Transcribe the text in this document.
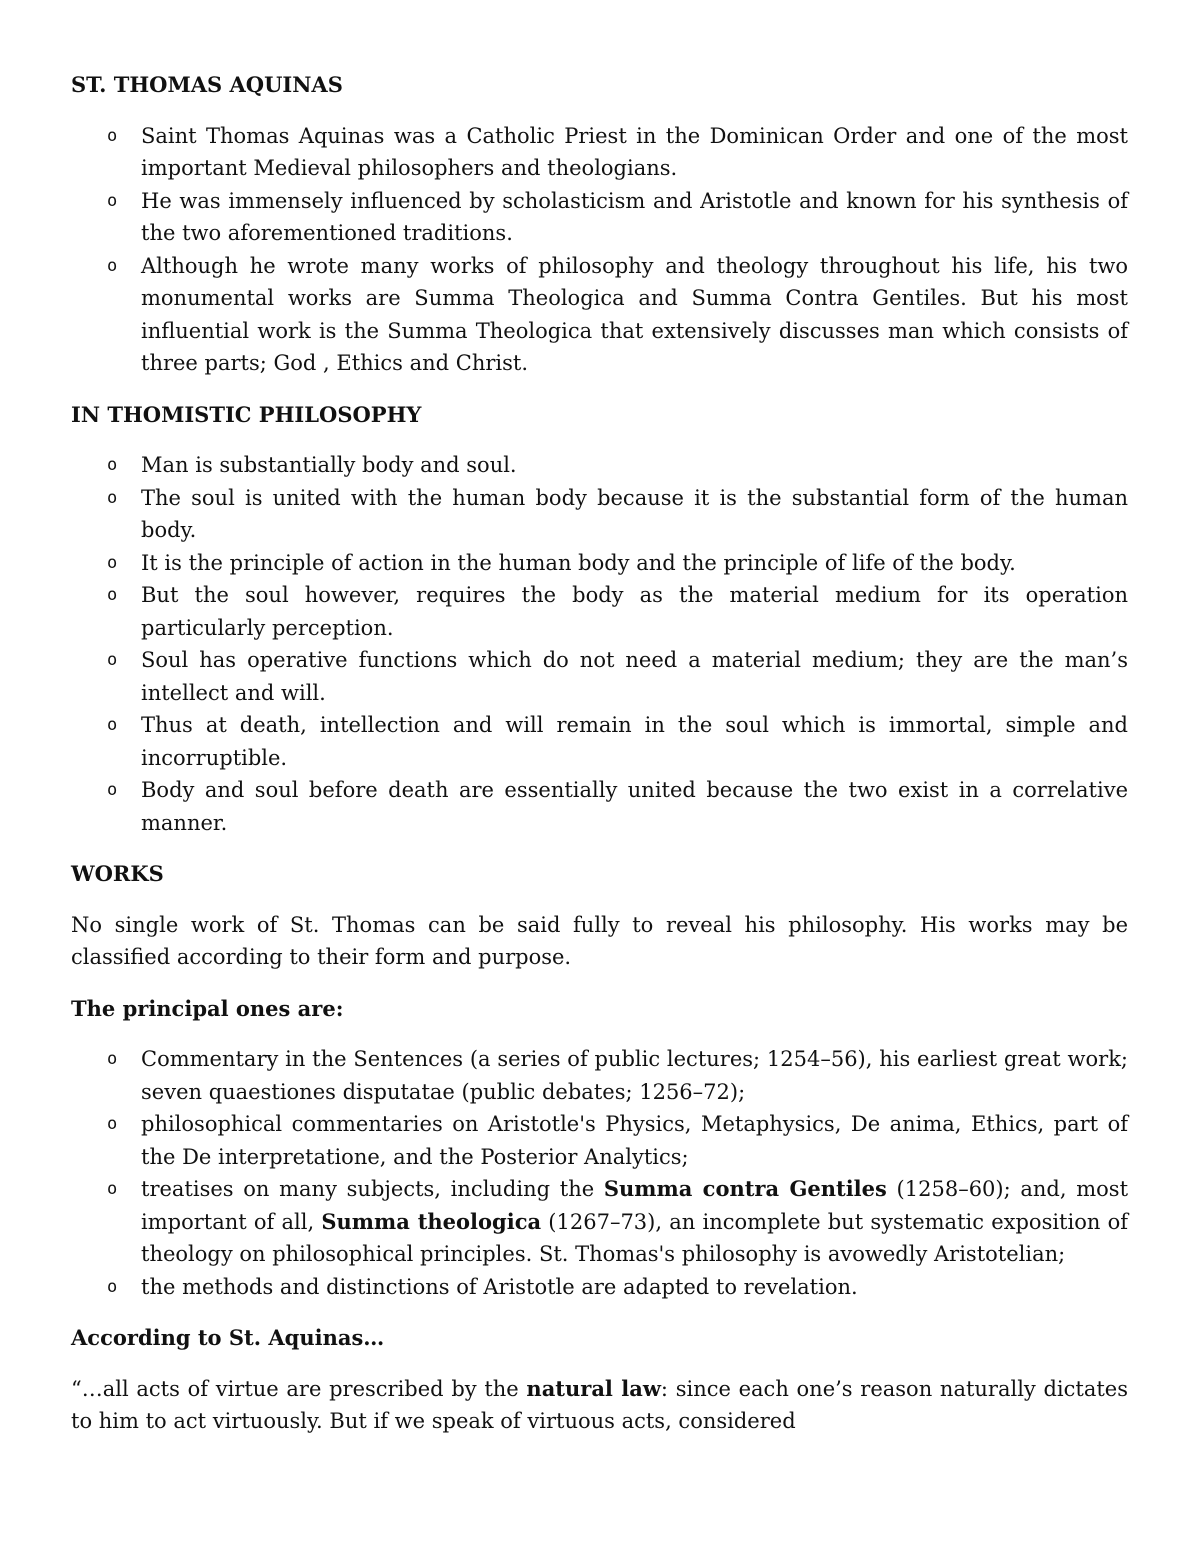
ST. THOMAS AQUINAS
o Saint Thomas Aquinas was a Catholic Priest in the Dominican Order and one of the most important Medieval philosophers and theologians.
o He was immensely influenced by scholasticism and Aristotle and known for his synthesis of the two aforementioned traditions.
o Although he wrote many works of philosophy and theology throughout his life, his two monumental works are Summa Theologica and Summa Contra Gentiles. But his most influential work is the Summa Theologica that extensively discusses man which consists of three parts; God , Ethics and Christ.
IN THOMISTIC PHILOSOPHY
o Man is substantially body and soul.
o The soul is united with the human body because it is the substantial form of the human body.
o It is the principle of action in the human body and the principle of life of the body.
o But the soul however, requires the body as the material medium for its operation particularly perception.
o Soul has operative functions which do not need a material medium; they are the man’s intellect and will.
o Thus at death, intellection and will remain in the soul which is immortal, simple and incorruptible.
o Body and soul before death are essentially united because the two exist in a correlative manner.
WORKS

No single work of St. Thomas can be said fully to reveal his philosophy. His works may be classified according to their form and purpose.

The principal ones are:
o Commentary in the Sentences (a series of public lectures; 1254–56), his earliest great work; seven quaestiones disputatae (public debates; 1256–72);
o philosophical commentaries on Aristotle's Physics, Metaphysics, De anima, Ethics, part of the De interpretatione, and the Posterior Analytics;
o treatises on many subjects, including the Summa contra Gentiles (1258–60); and, most important of all, Summa theologica (1267–73), an incomplete but systematic exposition of theology on philosophical principles. St. Thomas's philosophy is avowedly Aristotelian;
o the methods and distinctions of Aristotle are adapted to revelation.
According to St. Aquinas…

“…all acts of virtue are prescribed by the natural law: since each one’s reason naturally dictates to him to act virtuously. But if we speak of virtuous acts, considered
